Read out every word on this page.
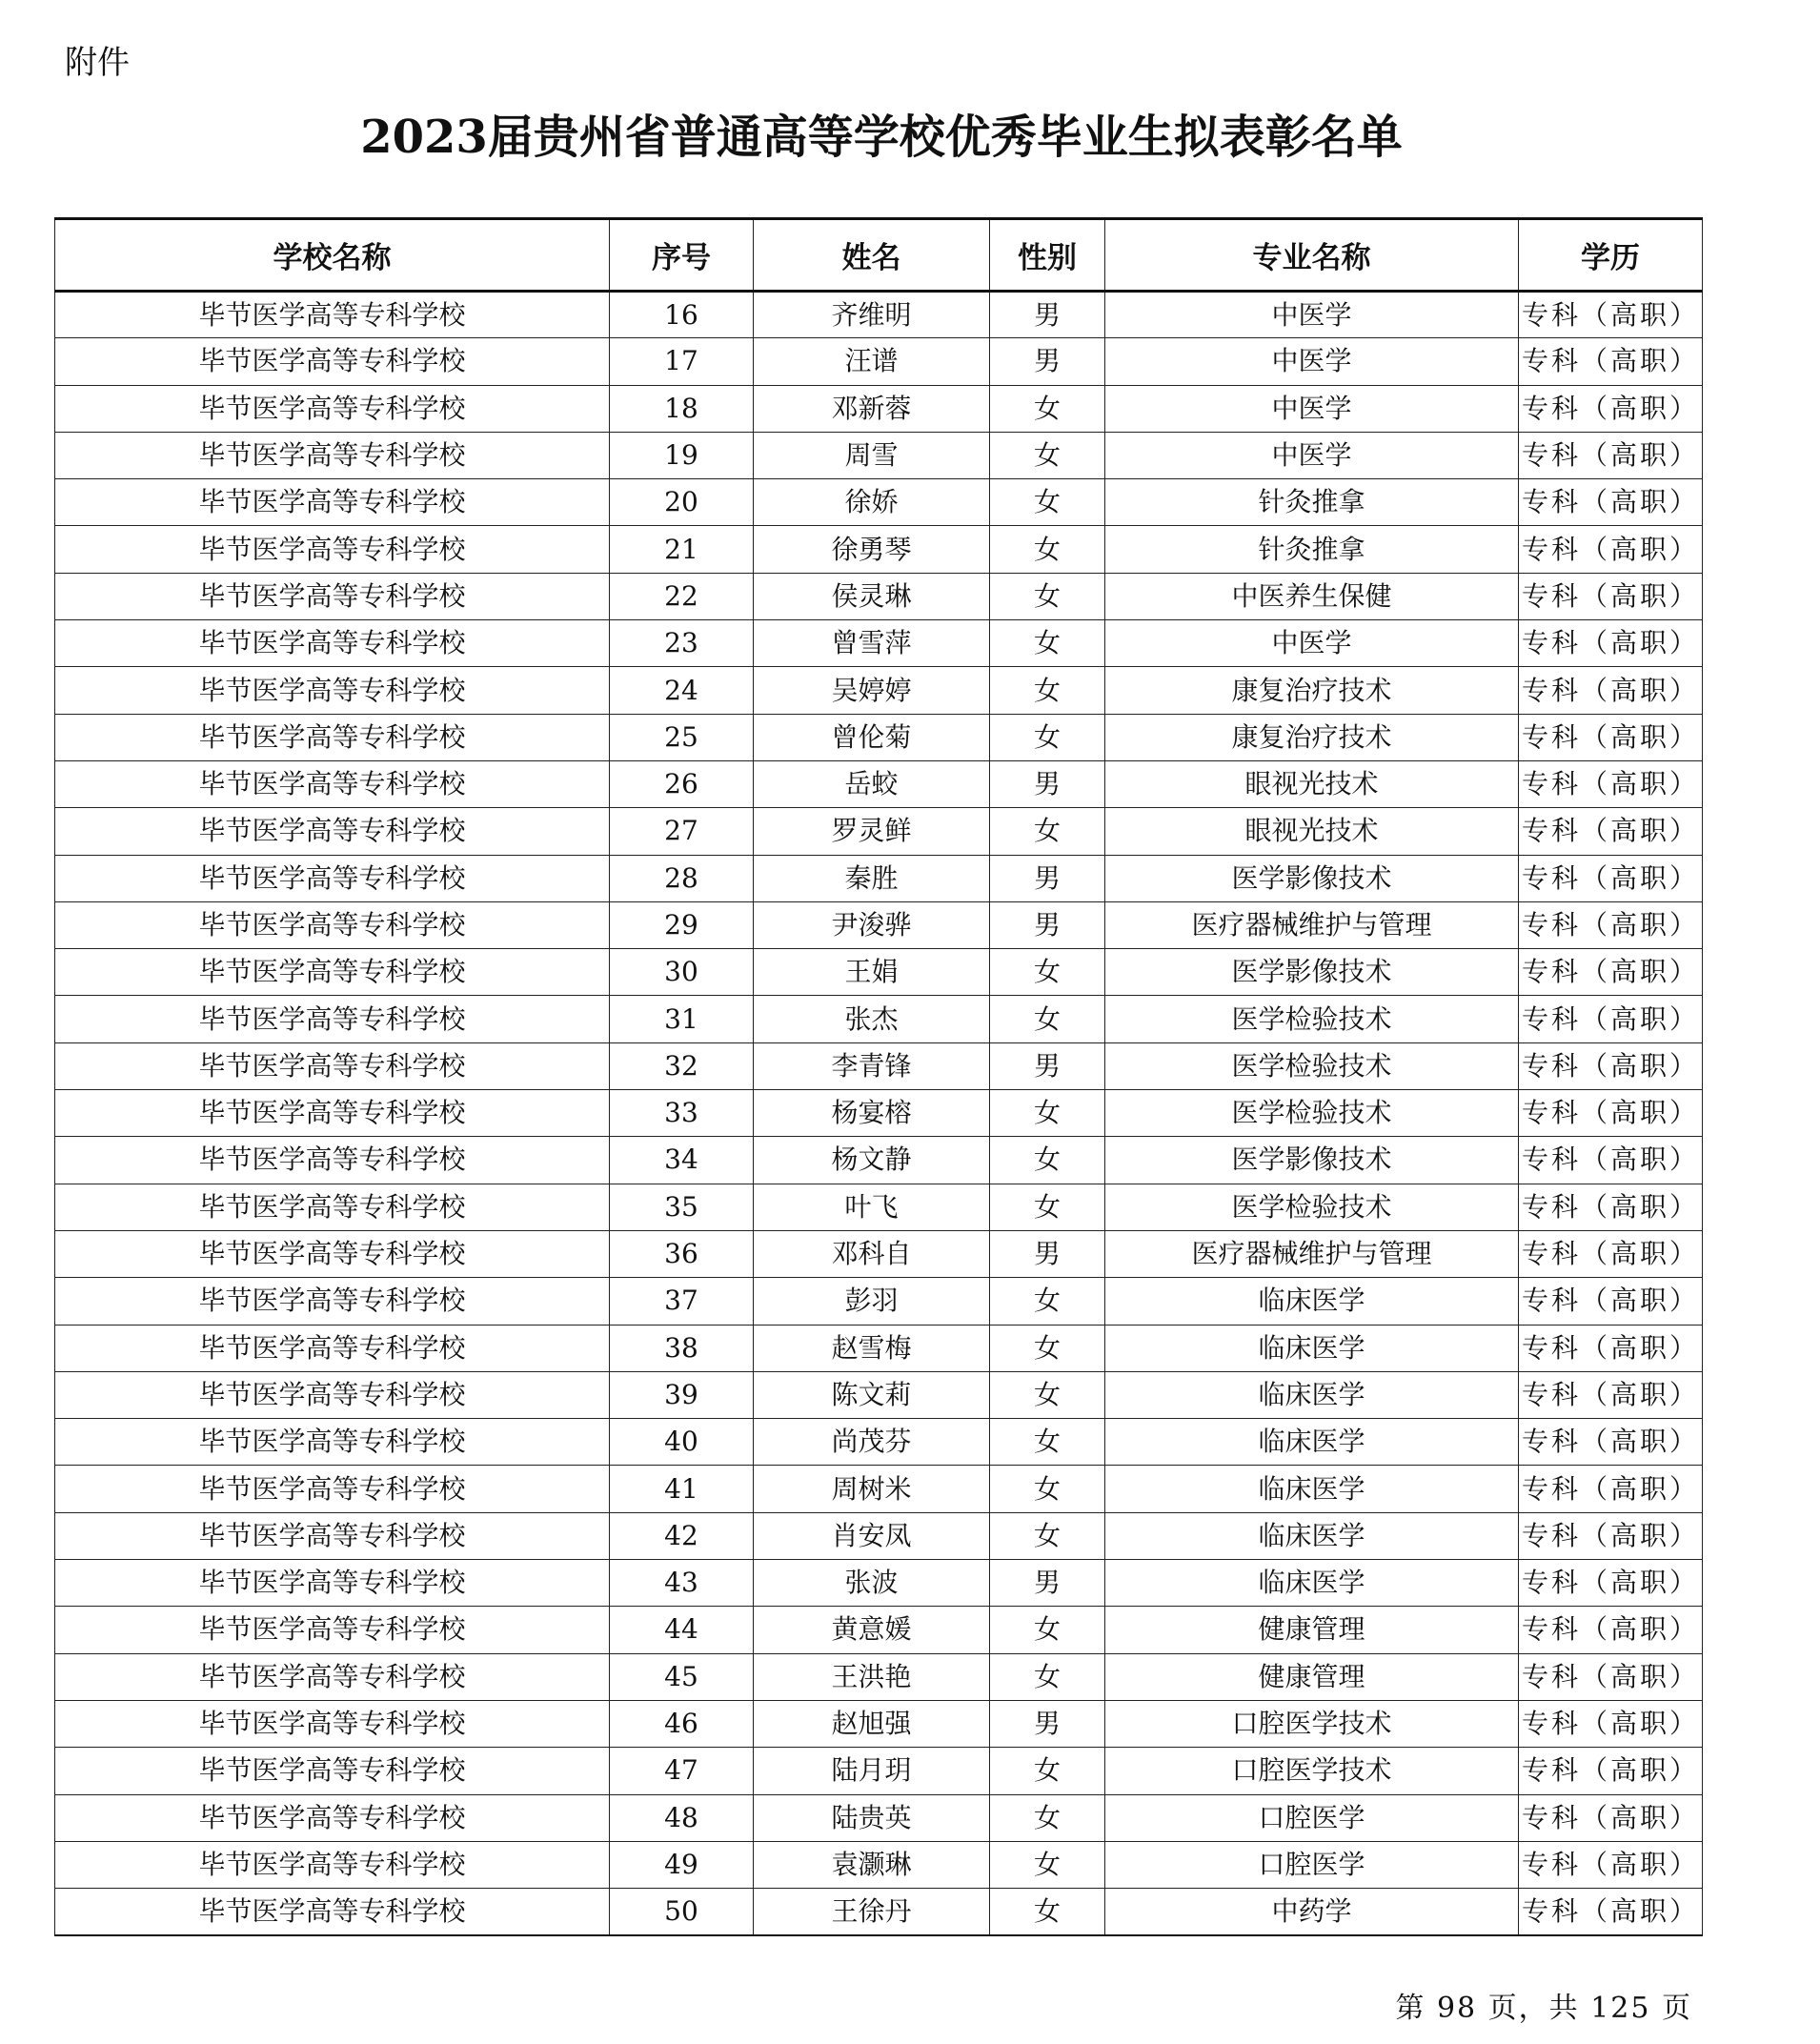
附件
2023届贵州省普通高等学校优秀毕业生拟表彰名单
学校名称	序号	姓名	性别	专业名称	学历
毕节医学高等专科学校	16	齐维明	男	中医学	专科（高职）
毕节医学高等专科学校	17	汪谱	男	中医学	专科（高职）
毕节医学高等专科学校	18	邓新蓉	女	中医学	专科（高职）
毕节医学高等专科学校	19	周雪	女	中医学	专科（高职）
毕节医学高等专科学校	20	徐娇	女	针灸推拿	专科（高职）
毕节医学高等专科学校	21	徐勇琴	女	针灸推拿	专科（高职）
毕节医学高等专科学校	22	侯灵琳	女	中医养生保健	专科（高职）
毕节医学高等专科学校	23	曾雪萍	女	中医学	专科（高职）
毕节医学高等专科学校	24	吴婷婷	女	康复治疗技术	专科（高职）
毕节医学高等专科学校	25	曾伦菊	女	康复治疗技术	专科（高职）
毕节医学高等专科学校	26	岳蛟	男	眼视光技术	专科（高职）
毕节医学高等专科学校	27	罗灵鲜	女	眼视光技术	专科（高职）
毕节医学高等专科学校	28	秦胜	男	医学影像技术	专科（高职）
毕节医学高等专科学校	29	尹浚骅	男	医疗器械维护与管理	专科（高职）
毕节医学高等专科学校	30	王娟	女	医学影像技术	专科（高职）
毕节医学高等专科学校	31	张杰	女	医学检验技术	专科（高职）
毕节医学高等专科学校	32	李青锋	男	医学检验技术	专科（高职）
毕节医学高等专科学校	33	杨宴榕	女	医学检验技术	专科（高职）
毕节医学高等专科学校	34	杨文静	女	医学影像技术	专科（高职）
毕节医学高等专科学校	35	叶飞	女	医学检验技术	专科（高职）
毕节医学高等专科学校	36	邓科自	男	医疗器械维护与管理	专科（高职）
毕节医学高等专科学校	37	彭羽	女	临床医学	专科（高职）
毕节医学高等专科学校	38	赵雪梅	女	临床医学	专科（高职）
毕节医学高等专科学校	39	陈文莉	女	临床医学	专科（高职）
毕节医学高等专科学校	40	尚茂芬	女	临床医学	专科（高职）
毕节医学高等专科学校	41	周树米	女	临床医学	专科（高职）
毕节医学高等专科学校	42	肖安凤	女	临床医学	专科（高职）
毕节医学高等专科学校	43	张波	男	临床医学	专科（高职）
毕节医学高等专科学校	44	黄意媛	女	健康管理	专科（高职）
毕节医学高等专科学校	45	王洪艳	女	健康管理	专科（高职）
毕节医学高等专科学校	46	赵旭强	男	口腔医学技术	专科（高职）
毕节医学高等专科学校	47	陆月玥	女	口腔医学技术	专科（高职）
毕节医学高等专科学校	48	陆贵英	女	口腔医学	专科（高职）
毕节医学高等专科学校	49	袁灏琳	女	口腔医学	专科（高职）
毕节医学高等专科学校	50	王徐丹	女	中药学	专科（高职）
第 98 页，共 125 页
